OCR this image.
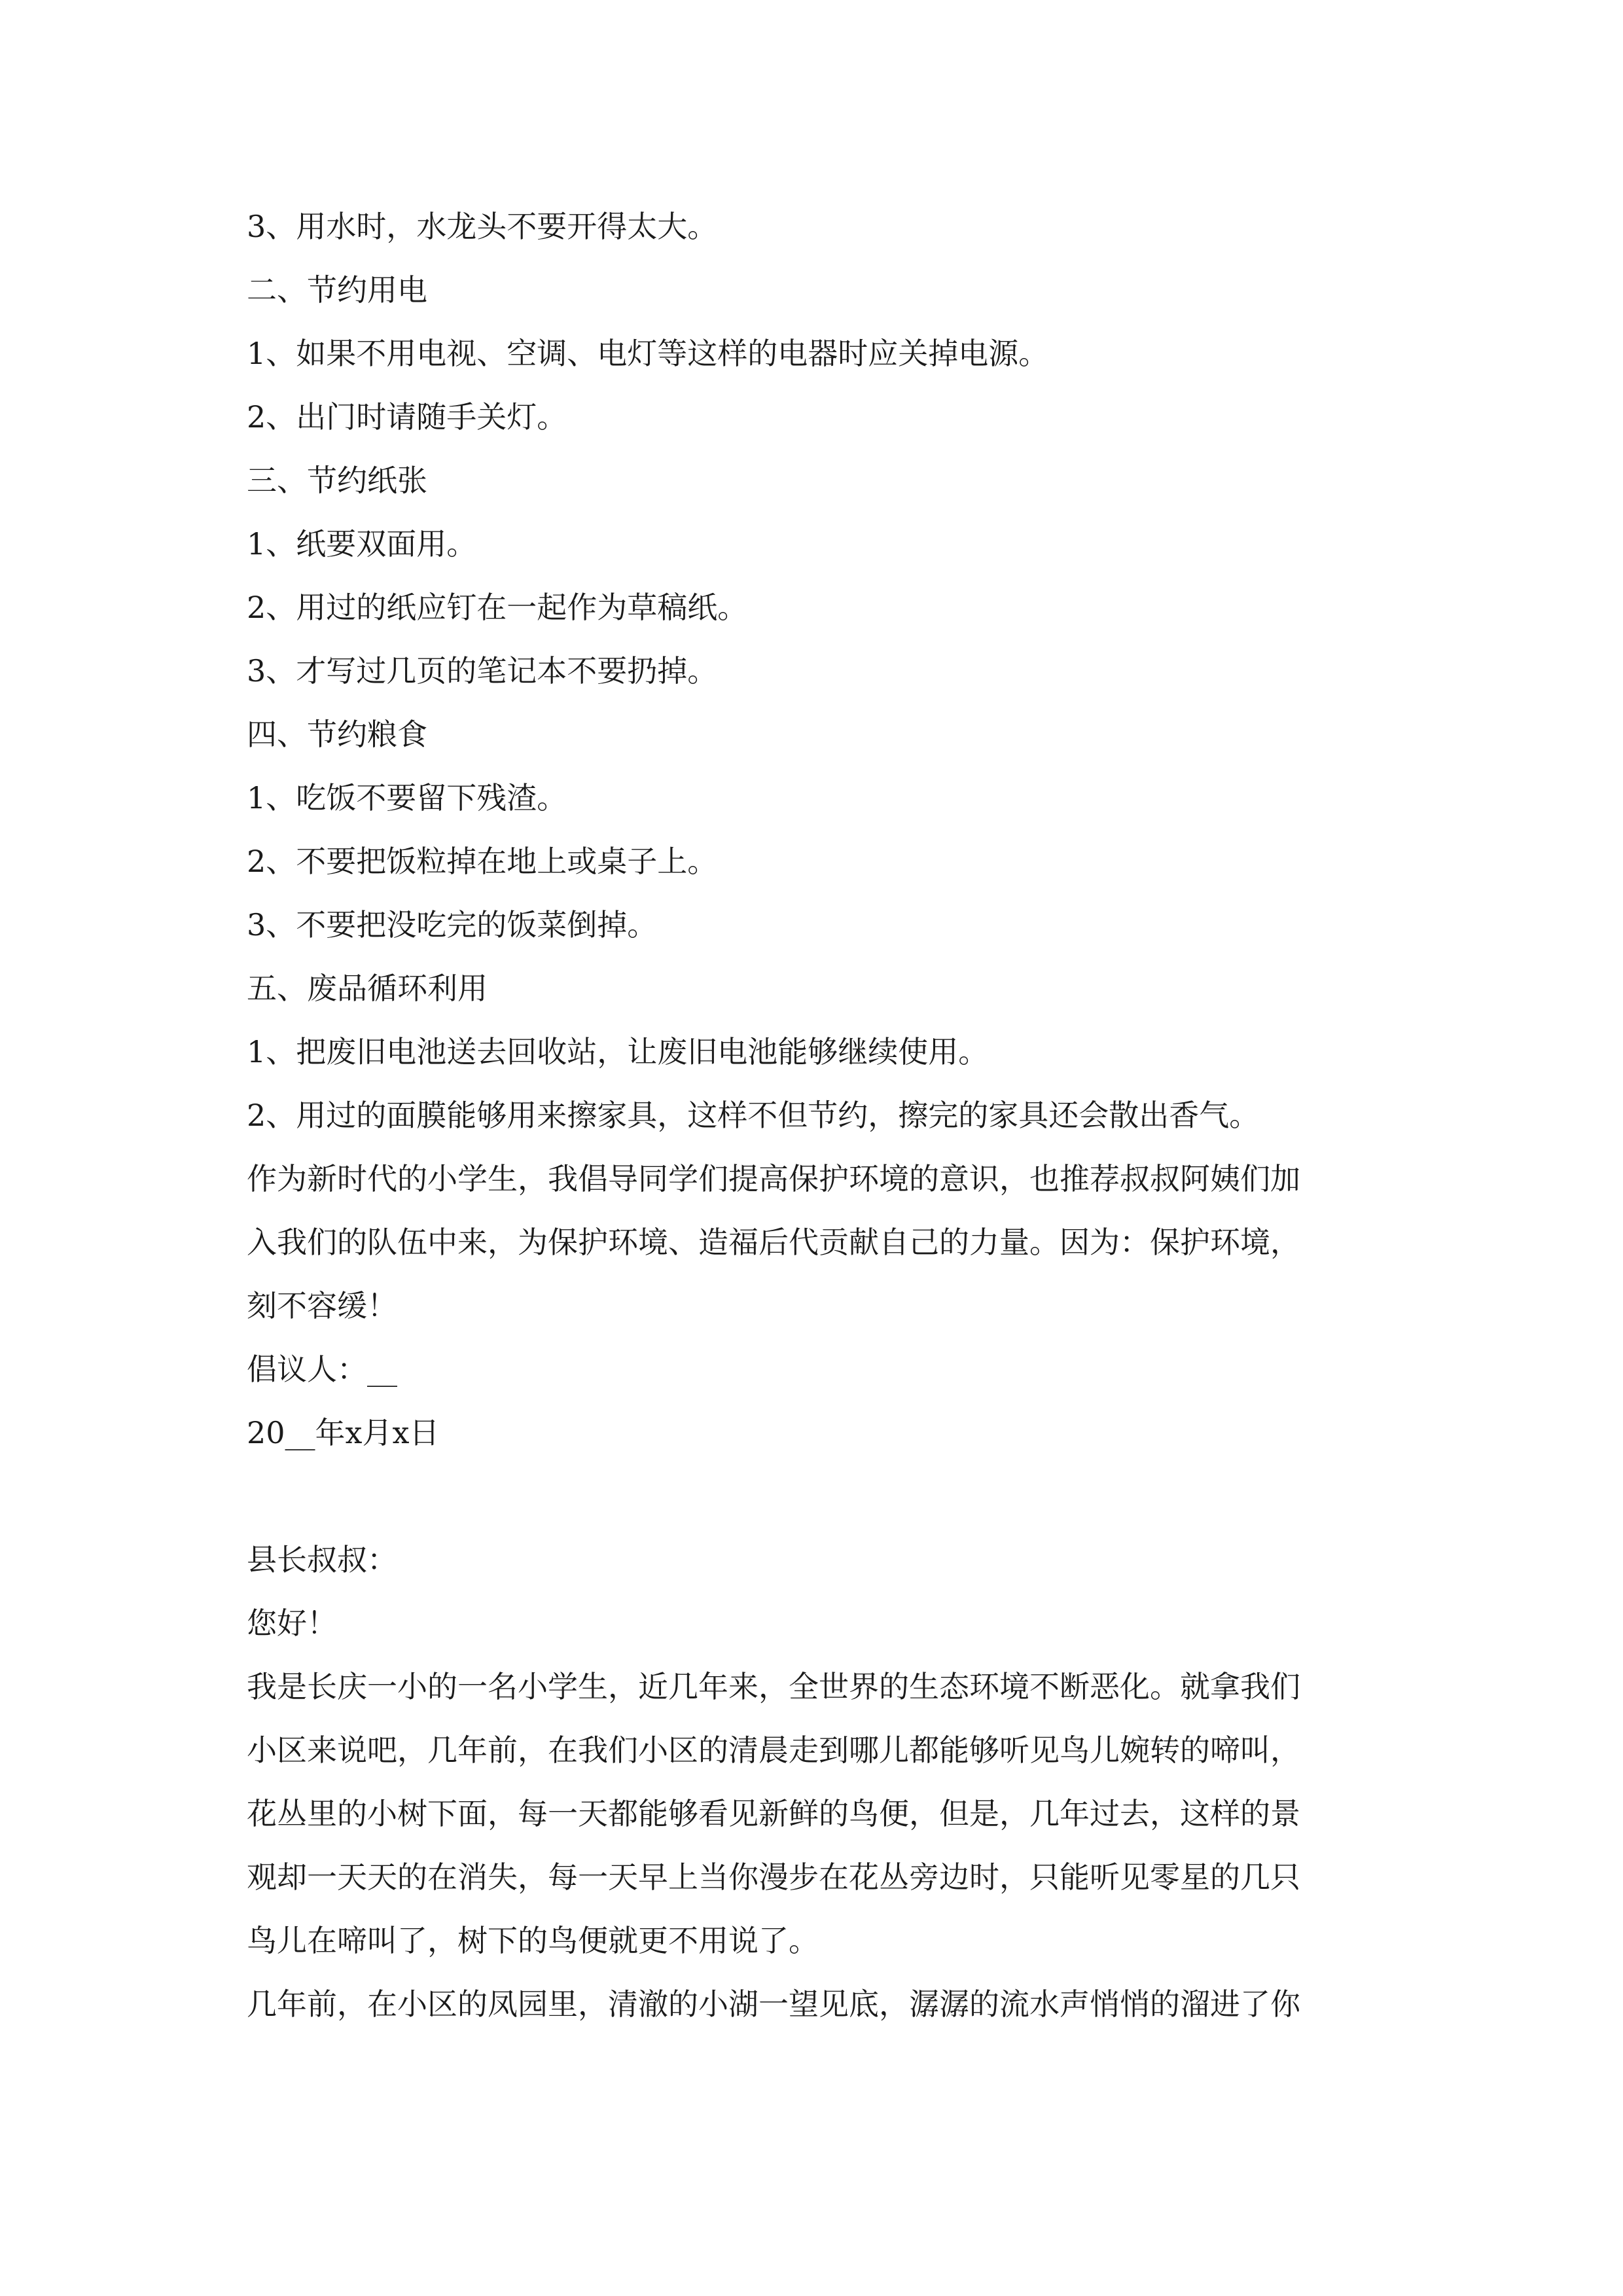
3、用水时，水龙头不要开得太大。

二、节约用电

1、如果不用电视、空调、电灯等这样的电器时应关掉电源。

2、出门时请随手关灯。

三、节约纸张

1、纸要双面用。

2、用过的纸应钉在一起作为草稿纸。

3、才写过几页的笔记本不要扔掉。

四、节约粮食

1、吃饭不要留下残渣。

2、不要把饭粒掉在地上或桌子上。

3、不要把没吃完的饭菜倒掉。

五、废品循环利用

1、把废旧电池送去回收站，让废旧电池能够继续使用。

2、用过的面膜能够用来擦家具，这样不但节约，擦完的家具还会散出香气。

作为新时代的小学生，我倡导同学们提高保护环境的意识，也推荐叔叔阿姨们加

入我们的队伍中来，为保护环境、造福后代贡献自己的力量。因为：保护环境，

刻不容缓！

倡议人：__

20__年x月x日

县长叔叔：

您好！

我是长庆一小的一名小学生，近几年来，全世界的生态环境不断恶化。就拿我们

小区来说吧，几年前，在我们小区的清晨走到哪儿都能够听见鸟儿婉转的啼叫，

花丛里的小树下面，每一天都能够看见新鲜的鸟便，但是，几年过去，这样的景

观却一天天的在消失，每一天早上当你漫步在花丛旁边时，只能听见零星的几只

鸟儿在啼叫了，树下的鸟便就更不用说了。

几年前，在小区的凤园里，清澈的小湖一望见底，潺潺的流水声悄悄的溜进了你
